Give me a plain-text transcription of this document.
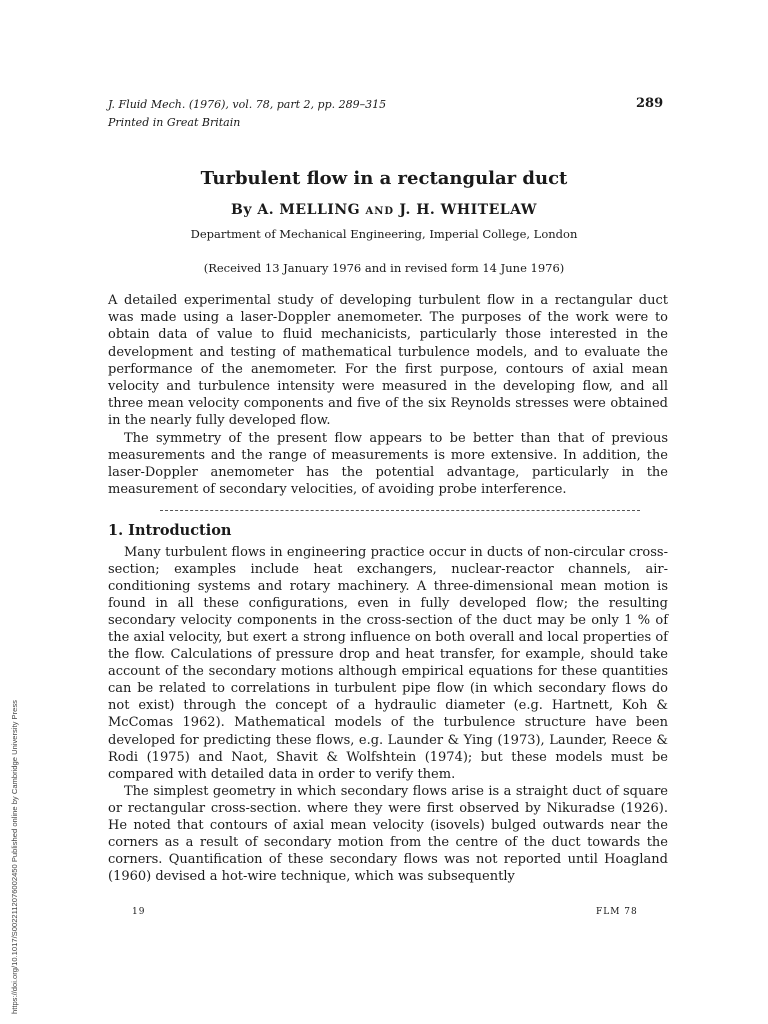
J. Fluid Mech. (1976), vol. 78, part 2, pp. 289–315
Printed in Great Britain
289
Turbulent flow in a rectangular duct
By A. MELLING AND J. H. WHITELAW
Department of Mechanical Engineering, Imperial College, London
(Received 13 January 1976 and in revised form 14 June 1976)

A detailed experimental study of developing turbulent flow in a rectangular duct was made using a laser-Doppler anemometer. The purposes of the work were to obtain data of value to fluid mechanicists, particularly those interested in the development and testing of mathematical turbulence models, and to evaluate the performance of the anemometer. For the first purpose, contours of axial mean velocity and turbulence intensity were measured in the developing flow, and all three mean velocity components and five of the six Reynolds stresses were obtained in the nearly fully developed flow.

The symmetry of the present flow appears to be better than that of previous measurements and the range of measurements is more extensive. In addition, the laser-Doppler anemometer has the potential advantage, particularly in the measurement of secondary velocities, of avoiding probe interference.

1. Introduction

Many turbulent flows in engineering practice occur in ducts of non-circular cross-section; examples include heat exchangers, nuclear-reactor channels, air-conditioning systems and rotary machinery. A three-dimensional mean motion is found in all these configurations, even in fully developed flow; the resulting secondary velocity components in the cross-section of the duct may be only 1 % of the axial velocity, but exert a strong influence on both overall and local properties of the flow. Calculations of pressure drop and heat transfer, for example, should take account of the secondary motions although empirical equations for these quantities can be related to correlations in turbulent pipe flow (in which secondary flows do not exist) through the concept of a hydraulic diameter (e.g. Hartnett, Koh & McComas 1962). Mathematical models of the turbulence structure have been developed for predicting these flows, e.g. Launder & Ying (1973), Launder, Reece & Rodi (1975) and Naot, Shavit & Wolfshtein (1974); but these models must be compared with detailed data in order to verify them.

The simplest geometry in which secondary flows arise is a straight duct of square or rectangular cross-section. where they were first observed by Nikuradse (1926). He noted that contours of axial mean velocity (isovels) bulged outwards near the corners as a result of secondary motion from the centre of the duct towards the corners. Quantification of these secondary flows was not reported until Hoagland (1960) devised a hot-wire technique, which was subsequently

19	FLM 78
https://doi.org/10.1017/S0022112076002450 Published online by Cambridge University Press
